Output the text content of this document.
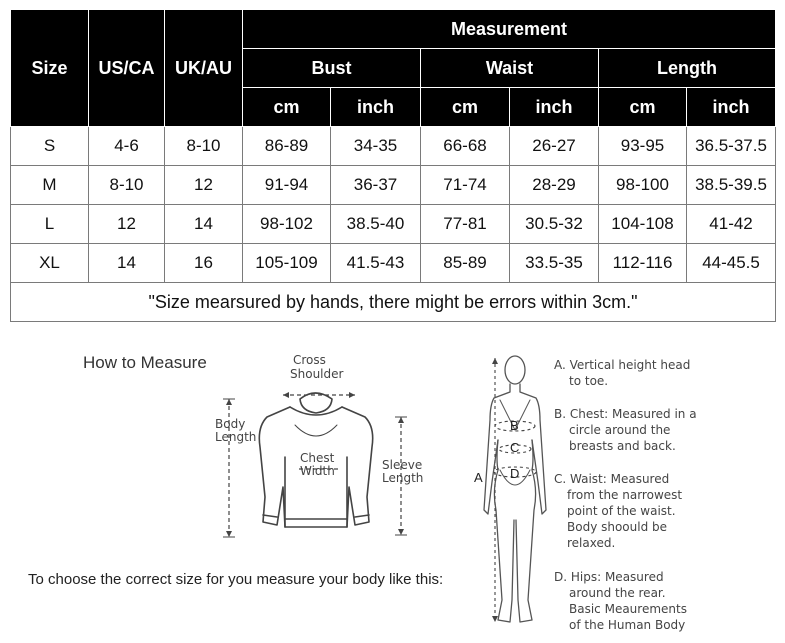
Size	US/CA	UK/AU	Measurement					
			Bust		Waist		Length	
			cm	inch	cm	inch	cm	inch
S	4-6	8-10	86-89	34-35	66-68	26-27	93-95	36.5-37.5
M	8-10	12	91-94	36-37	71-74	28-29	98-100	38.5-39.5
L	12	14	98-102	38.5-40	77-81	30.5-32	104-108	41-42
XL	14	16	105-109	41.5-43	85-89	33.5-35	112-116	44-45.5
"Size mearsured by hands, there might be errors within 3cm."								
How to Measure	Cross
Shoulder
Body
Length
Chest
Width	Sleeve
Length
To choose the correct size for you measure your body like this:
A
B
C
D
A. Vertical height head
to toe.
B. Chest: Measured in a
circle around the
breasts and back.
C. Waist: Measured
from the narrowest
point of the waist.
Body shoould be
relaxed.
D. Hips: Measured
around the rear.
Basic Meaurements
of the Human Body
